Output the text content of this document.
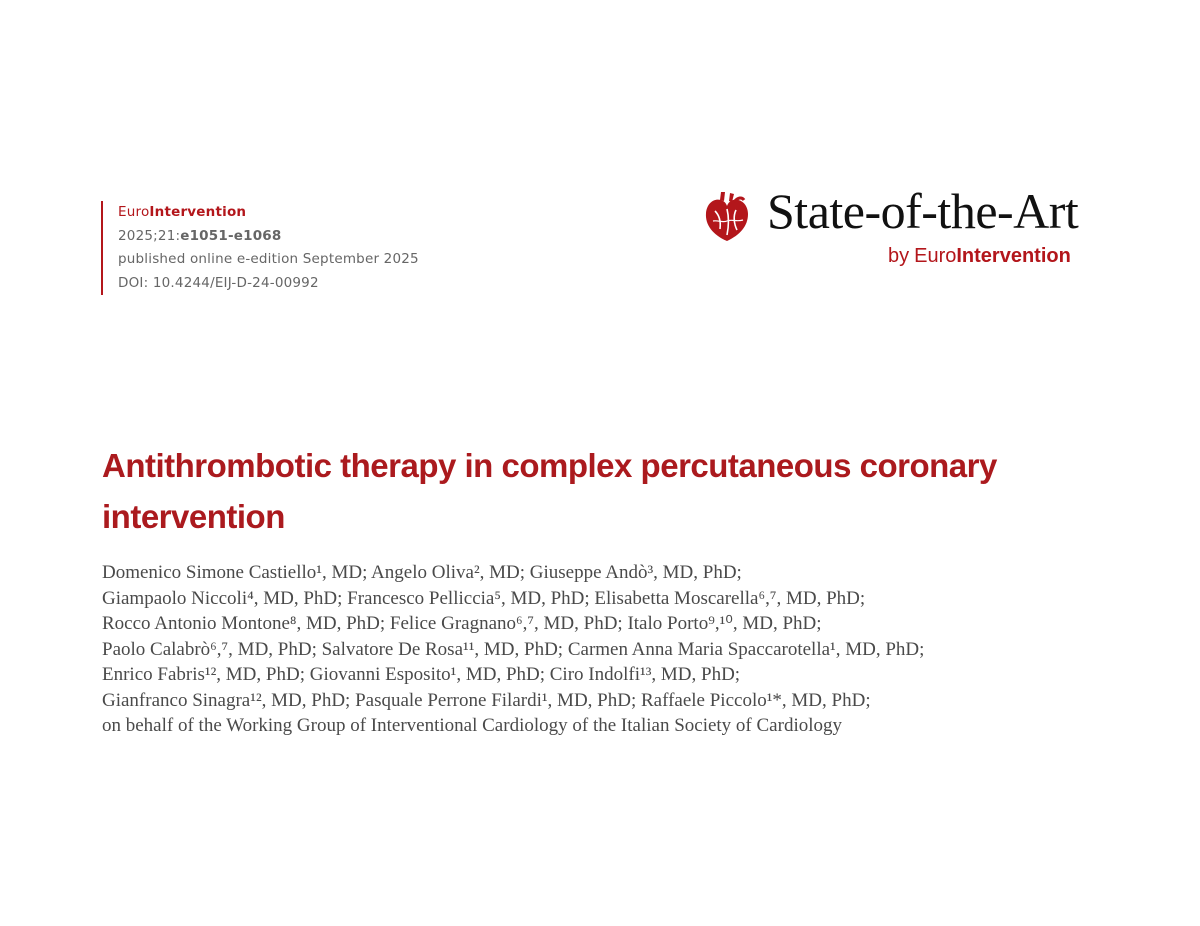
EuroIntervention
2025;21:e1051-e1068
published online e-edition September 2025
DOI: 10.4244/EIJ-D-24-00992
State-of-the-Art
by EuroIntervention
Antithrombotic therapy in complex percutaneous coronary intervention
Domenico Simone Castiello¹, MD; Angelo Oliva², MD; Giuseppe Andò³, MD, PhD;
Giampaolo Niccoli⁴, MD, PhD; Francesco Pelliccia⁵, MD, PhD; Elisabetta Moscarella⁶,⁷, MD, PhD;
Rocco Antonio Montone⁸, MD, PhD; Felice Gragnano⁶,⁷, MD, PhD; Italo Porto⁹,¹⁰, MD, PhD;
Paolo Calabrò⁶,⁷, MD, PhD; Salvatore De Rosa¹¹, MD, PhD; Carmen Anna Maria Spaccarotella¹, MD, PhD;
Enrico Fabris¹², MD, PhD; Giovanni Esposito¹, MD, PhD; Ciro Indolfi¹³, MD, PhD;
Gianfranco Sinagra¹², MD, PhD; Pasquale Perrone Filardi¹, MD, PhD; Raffaele Piccolo¹*, MD, PhD;
on behalf of the Working Group of Interventional Cardiology of the Italian Society of Cardiology
